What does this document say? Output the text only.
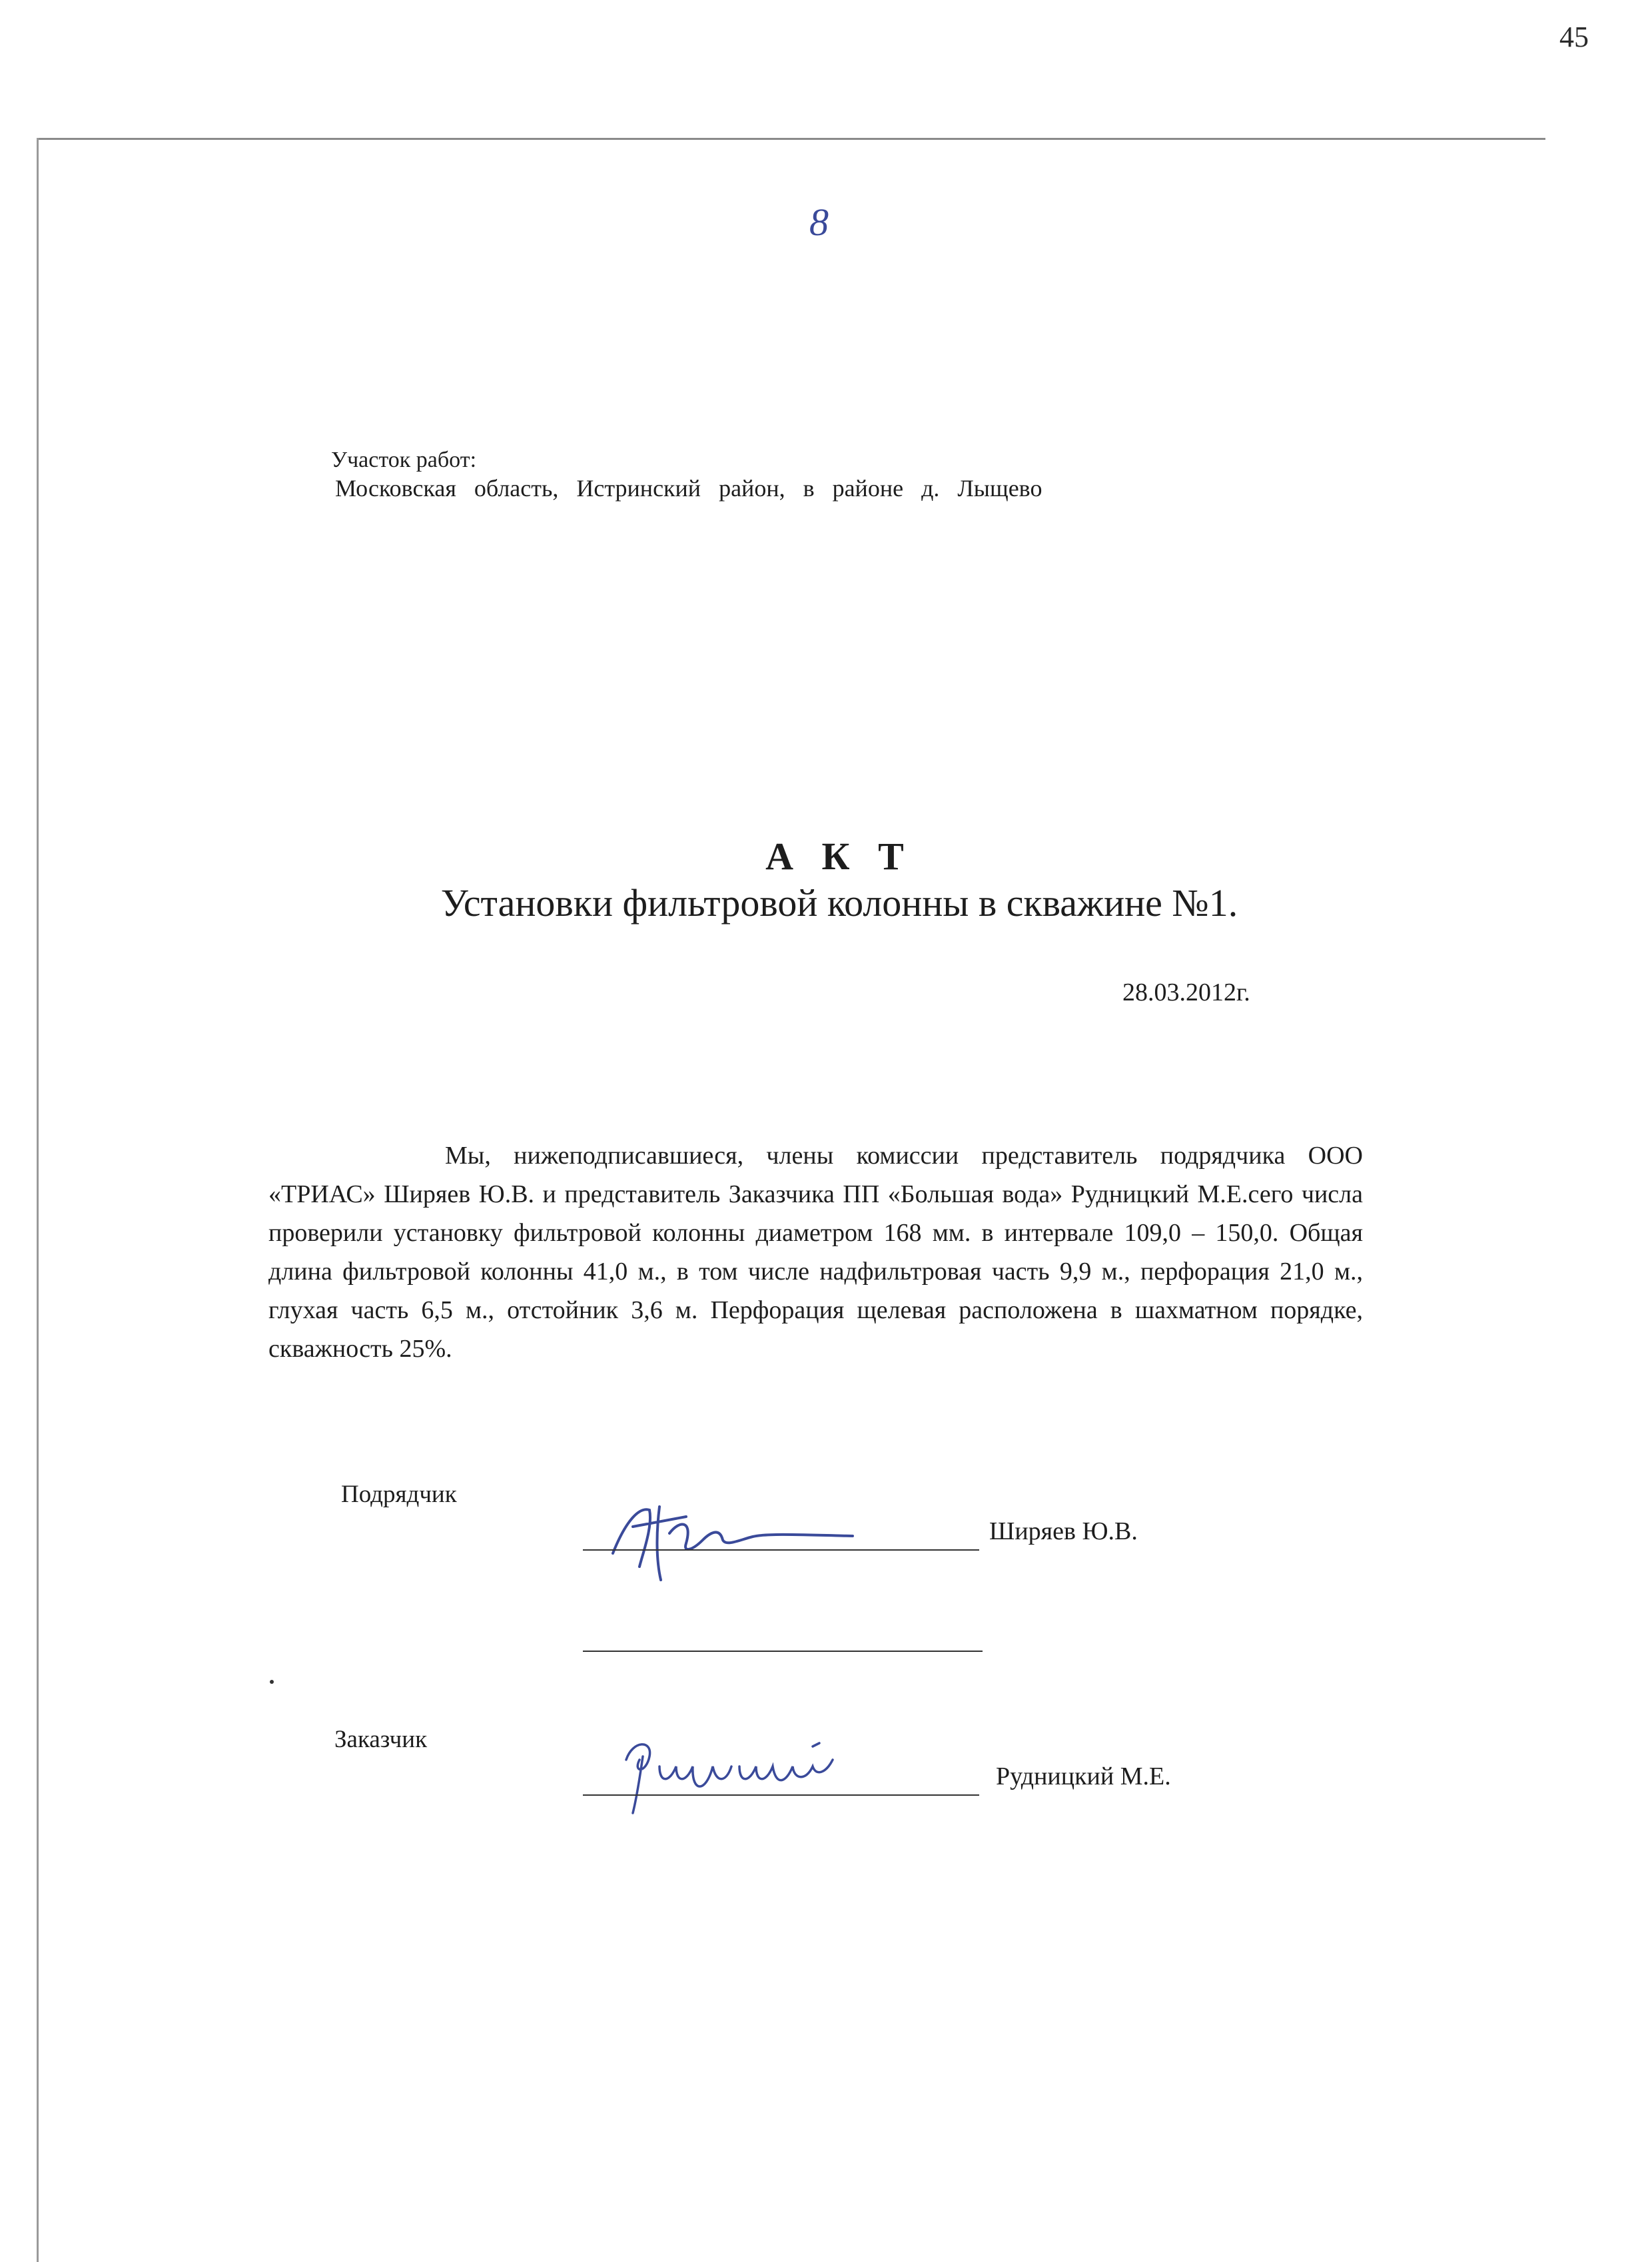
45
8
Участок работ:
Московская область, Истринский район, в районе д. Лыщево
А К Т
Установки фильтровой колонны в скважине №1.
28.03.2012г.
Мы, нижеподписавшиеся, члены комиссии представитель подрядчика ООО «ТРИАС» Ширяев Ю.В. и представитель Заказчика ПП «Большая вода» Рудницкий М.Е.сего числа проверили установку фильтровой колонны диаметром 168 мм. в интервале 109,0 – 150,0. Общая длина фильтровой колонны 41,0 м., в том числе надфильтровая часть 9,9 м., перфорация 21,0 м., глухая часть 6,5 м., отстойник 3,6 м. Перфорация щелевая расположена в шахматном порядке, скважность 25%.
Подрядчик
Ширяев Ю.В.
Заказчик
Рудницкий М.Е.
